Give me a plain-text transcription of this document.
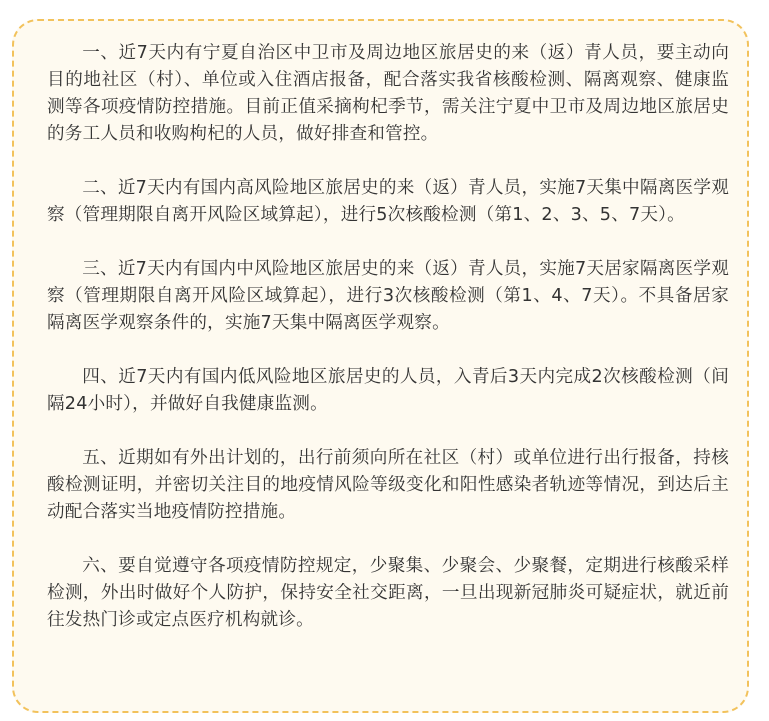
一、近7天内有宁夏自治区中卫市及周边地区旅居史的来（返）青人员，要主动向目的地社区（村）、单位或入住酒店报备，配合落实我省核酸检测、隔离观察、健康监测等各项疫情防控措施。目前正值采摘枸杞季节，需关注宁夏中卫市及周边地区旅居史的务工人员和收购枸杞的人员，做好排查和管控。

二、近7天内有国内高风险地区旅居史的来（返）青人员，实施7天集中隔离医学观察（管理期限自离开风险区域算起），进行5次核酸检测（第1、2、3、5、7天）。

三、近7天内有国内中风险地区旅居史的来（返）青人员，实施7天居家隔离医学观察（管理期限自离开风险区域算起），进行3次核酸检测（第1、4、7天）。不具备居家隔离医学观察条件的，实施7天集中隔离医学观察。

四、近7天内有国内低风险地区旅居史的人员，入青后3天内完成2次核酸检测（间隔24小时），并做好自我健康监测。

五、近期如有外出计划的，出行前须向所在社区（村）或单位进行出行报备，持核酸检测证明，并密切关注目的地疫情风险等级变化和阳性感染者轨迹等情况，到达后主动配合落实当地疫情防控措施。

六、要自觉遵守各项疫情防控规定，少聚集、少聚会、少聚餐，定期进行核酸采样检测，外出时做好个人防护，保持安全社交距离，一旦出现新冠肺炎可疑症状，就近前往发热门诊或定点医疗机构就诊。
